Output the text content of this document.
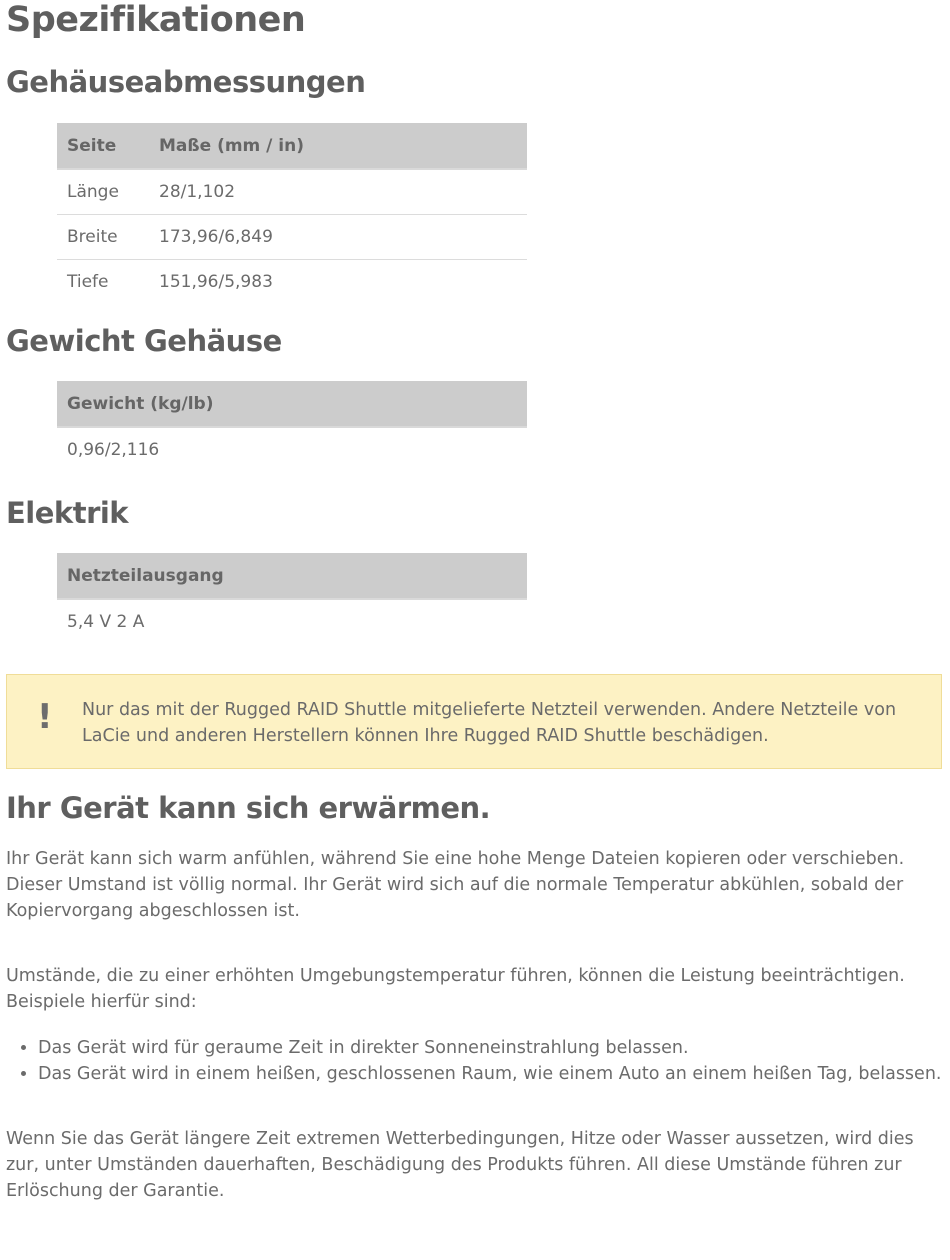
Spezifikationen
Gehäuseabmessungen
Seite	Maße (mm / in)
Länge	28/1,102
Breite	173,96/6,849
Tiefe	151,96/5,983
Gewicht Gehäuse
Gewicht (kg/lb)
0,96/2,116
Elektrik
Netzteilausgang
5,4 V 2 A
! Nur das mit der Rugged RAID Shuttle mitgelieferte Netzteil verwenden. Andere Netzteile von LaCie und anderen Herstellern können Ihre Rugged RAID Shuttle beschädigen.
Ihr Gerät kann sich erwärmen.

Ihr Gerät kann sich warm anfühlen, während Sie eine hohe Menge Dateien kopieren oder verschieben. Dieser Umstand ist völlig normal. Ihr Gerät wird sich auf die normale Temperatur abkühlen, sobald der Kopiervorgang abgeschlossen ist.

Umstände, die zu einer erhöhten Umgebungstemperatur führen, können die Leistung beeinträchtigen. Beispiele hierfür sind:

• Das Gerät wird für geraume Zeit in direkter Sonneneinstrahlung belassen.
• Das Gerät wird in einem heißen, geschlossenen Raum, wie einem Auto an einem heißen Tag, belassen.

Wenn Sie das Gerät längere Zeit extremen Wetterbedingungen, Hitze oder Wasser aussetzen, wird dies zur, unter Umständen dauerhaften, Beschädigung des Produkts führen. All diese Umstände führen zur Erlöschung der Garantie.
